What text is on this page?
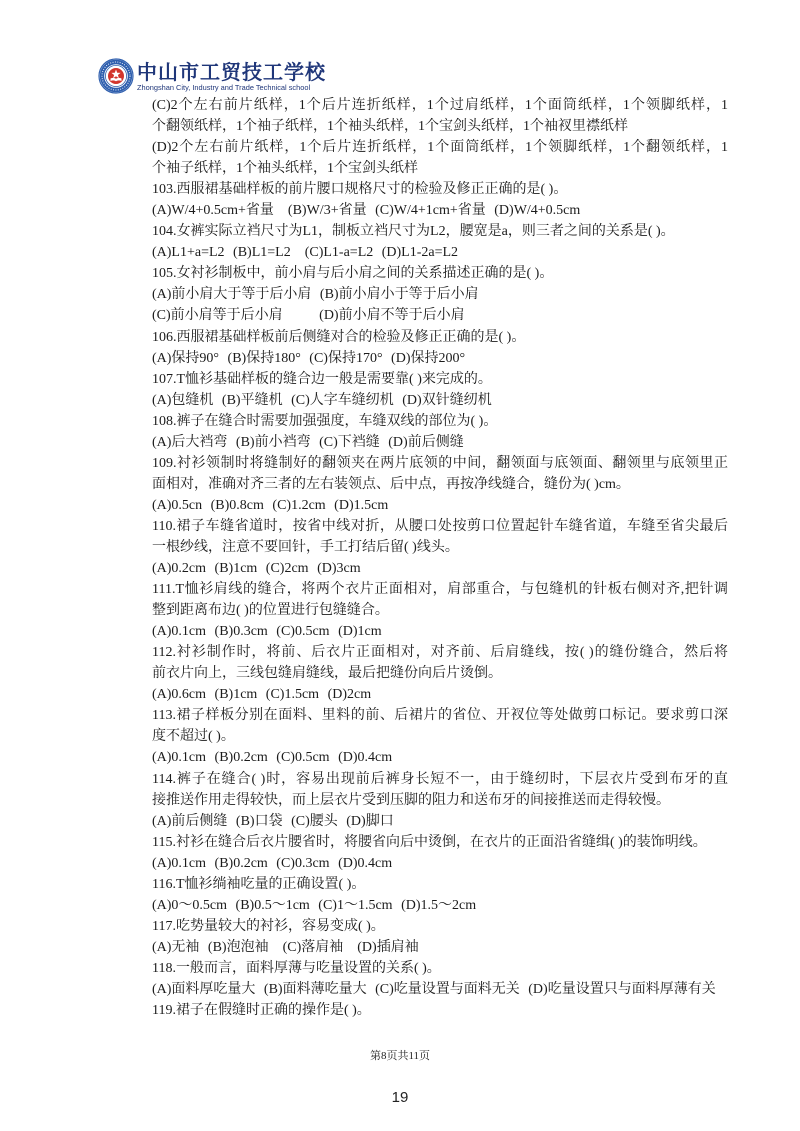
中山市工贸技工学校
Zhongshan City, Industry and Trade Technical school
(C)2个左右前片纸样，1个后片连折纸样，1个过肩纸样，1个面筒纸样，1个领脚纸样，1
个翻领纸样，1个袖子纸样，1个袖头纸样，1个宝剑头纸样，1个袖衩里襟纸样
(D)2个左右前片纸样，1个后片连折纸样，1个面筒纸样，1个领脚纸样，1个翻领纸样，1
个袖子纸样，1个袖头纸样，1个宝剑头纸样
103.西服裙基础样板的前片腰口规格尺寸的检验及修正正确的是( )。
(A)W/4+0.5cm+省量　(B)W/3+省量 (C)W/4+1cm+省量 (D)W/4+0.5cm
104.女裤实际立裆尺寸为L1，制板立裆尺寸为L2，腰宽是a，则三者之间的关系是( )。
(A)L1+a=L2 (B)L1=L2　(C)L1-a=L2 (D)L1-2a=L2
105.女衬衫制板中，前小肩与后小肩之间的关系描述正确的是( )。
(A)前小肩大于等于后小肩 (B)前小肩小于等于后小肩
(C)前小肩等于后小肩　　 (D)前小肩不等于后小肩
106.西服裙基础样板前后侧缝对合的检验及修正正确的是( )。
(A)保持90° (B)保持180° (C)保持170° (D)保持200°
107.T恤衫基础样板的缝合边一般是需要靠( )来完成的。
(A)包缝机 (B)平缝机 (C)人字车缝纫机 (D)双针缝纫机
108.裤子在缝合时需要加强强度，车缝双线的部位为( )。
(A)后大裆弯 (B)前小裆弯 (C)下裆缝 (D)前后侧缝
109.衬衫领制时将缝制好的翻领夹在两片底领的中间，翻领面与底领面、翻领里与底领里正
面相对，准确对齐三者的左右装领点、后中点，再按净线缝合，缝份为( )cm。
(A)0.5cn (B)0.8cm (C)1.2cm (D)1.5cm
110.裙子车缝省道时，按省中线对折，从腰口处按剪口位置起针车缝省道，车缝至省尖最后
一根纱线，注意不要回针，手工打结后留( )线头。
(A)0.2cm (B)1cm (C)2cm (D)3cm
111.T恤衫肩线的缝合，将两个衣片正面相对，肩部重合，与包缝机的针板右侧对齐,把针调
整到距离布边( )的位置进行包缝缝合。
(A)0.1cm (B)0.3cm (C)0.5cm (D)1cm
112.衬衫制作时，将前、后衣片正面相对，对齐前、后肩缝线，按( )的缝份缝合，然后将
前衣片向上，三线包缝肩缝线，最后把缝份向后片烫倒。
(A)0.6cm (B)1cm (C)1.5cm (D)2cm
113.裙子样板分别在面料、里料的前、后裙片的省位、开衩位等处做剪口标记。要求剪口深
度不超过( )。
(A)0.1cm (B)0.2cm (C)0.5cm (D)0.4cm
114.裤子在缝合( )时，容易出现前后裤身长短不一，由于缝纫时，下层衣片受到布牙的直
接推送作用走得较快，而上层衣片受到压脚的阻力和送布牙的间接推送而走得较慢。
(A)前后侧缝 (B)口袋 (C)腰头 (D)脚口
115.衬衫在缝合后衣片腰省时，将腰省向后中烫倒，在衣片的正面沿省缝缉( )的装饰明线。
(A)0.1cm (B)0.2cm (C)0.3cm (D)0.4cm
116.T恤衫绱袖吃量的正确设置( )。
(A)0～0.5cm (B)0.5～1cm (C)1～1.5cm (D)1.5～2cm
117.吃势量较大的衬衫，容易变成( )。
(A)无袖 (B)泡泡袖　(C)落肩袖　(D)插肩袖
118.一般而言，面料厚薄与吃量设置的关系( )。
(A)面料厚吃量大 (B)面料薄吃量大 (C)吃量设置与面料无关 (D)吃量设置只与面料厚薄有关
119.裙子在假缝时正确的操作是( )。
第8页共11页
19
